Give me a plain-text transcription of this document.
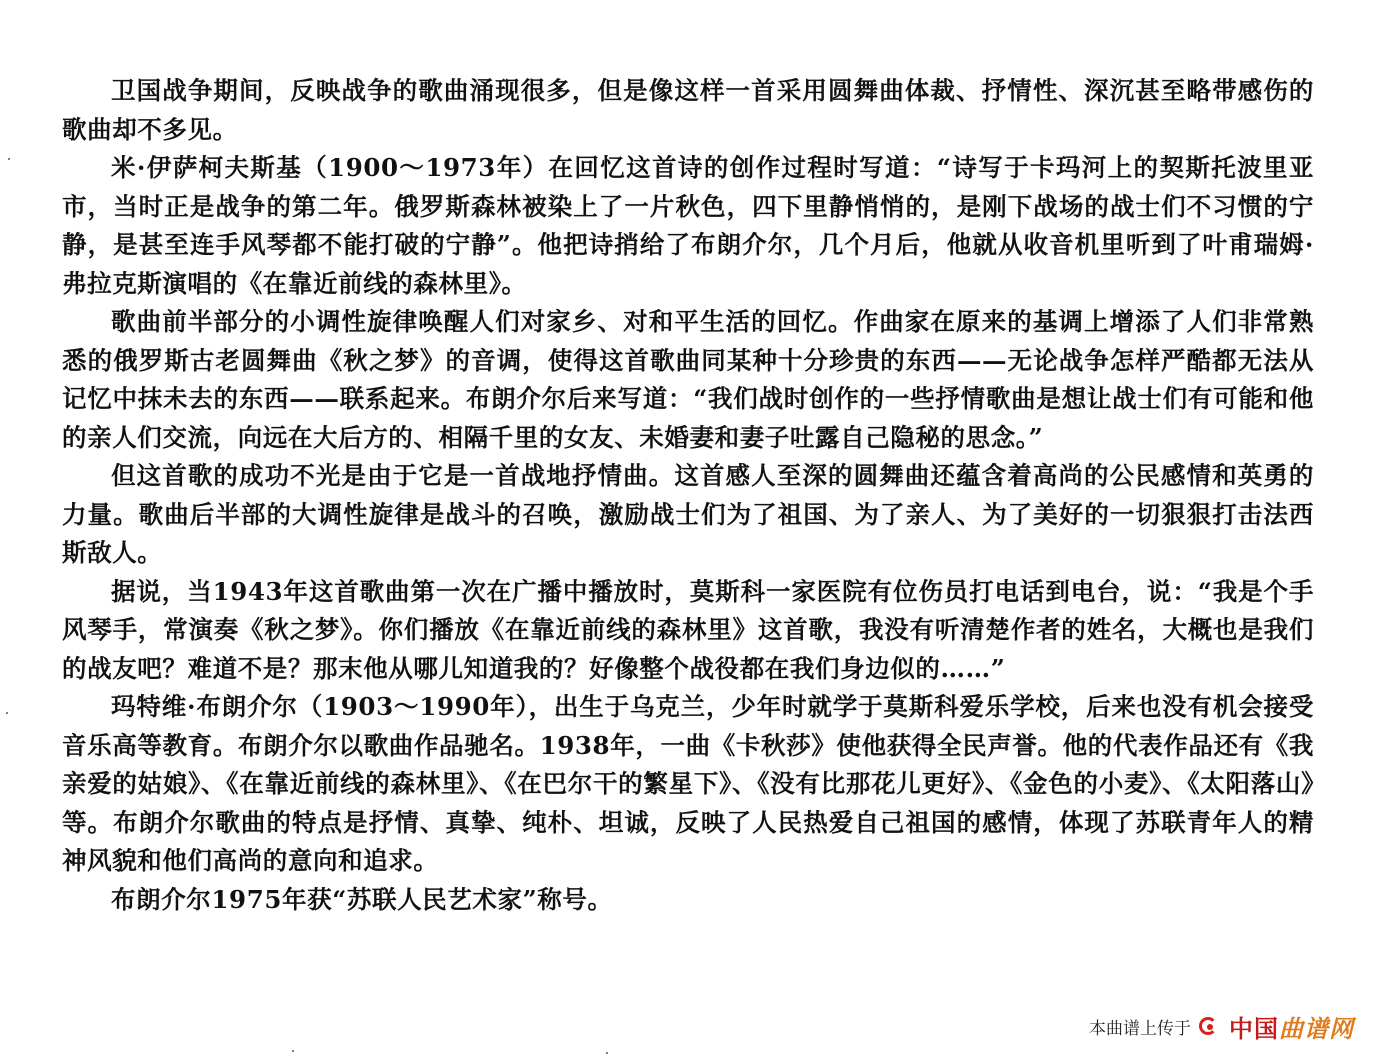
卫国战争期间，反映战争的歌曲涌现很多，但是像这样一首采用圆舞曲体裁、抒情性、深沉甚至略带感伤的歌曲却不多见。

米·伊萨柯夫斯基（1900～1973年）在回忆这首诗的创作过程时写道：“诗写于卡玛河上的契斯托波里亚市，当时正是战争的第二年。俄罗斯森林被染上了一片秋色，四下里静悄悄的，是刚下战场的战士们不习惯的宁静，是甚至连手风琴都不能打破的宁静”。他把诗捎给了布朗介尔，几个月后，他就从收音机里听到了叶甫瑞姆·弗拉克斯演唱的《在靠近前线的森林里》。

歌曲前半部分的小调性旋律唤醒人们对家乡、对和平生活的回忆。作曲家在原来的基调上增添了人们非常熟悉的俄罗斯古老圆舞曲《秋之梦》的音调，使得这首歌曲同某种十分珍贵的东西——无论战争怎样严酷都无法从记忆中抹未去的东西——联系起来。布朗介尔后来写道：“我们战时创作的一些抒情歌曲是想让战士们有可能和他的亲人们交流，向远在大后方的、相隔千里的女友、未婚妻和妻子吐露自己隐秘的思念。”

但这首歌的成功不光是由于它是一首战地抒情曲。这首感人至深的圆舞曲还蕴含着高尚的公民感情和英勇的力量。歌曲后半部的大调性旋律是战斗的召唤，激励战士们为了祖国、为了亲人、为了美好的一切狠狠打击法西斯敌人。

据说，当1943年这首歌曲第一次在广播中播放时，莫斯科一家医院有位伤员打电话到电台，说：“我是个手风琴手，常演奏《秋之梦》。你们播放《在靠近前线的森林里》这首歌，我没有听清楚作者的姓名，大概也是我们的战友吧？难道不是？那末他从哪儿知道我的？好像整个战役都在我们身边似的……”

玛特维·布朗介尔（1903～1990年），出生于乌克兰，少年时就学于莫斯科爱乐学校，后来也没有机会接受音乐高等教育。布朗介尔以歌曲作品驰名。1938年，一曲《卡秋莎》使他获得全民声誉。他的代表作品还有《我亲爱的姑娘》、《在靠近前线的森林里》、《在巴尔干的繁星下》、《没有比那花儿更好》、《金色的小麦》、《太阳落山》等。布朗介尔歌曲的特点是抒情、真挚、纯朴、坦诚，反映了人民热爱自己祖国的感情，体现了苏联青年人的精神风貌和他们高尚的意向和追求。

布朗介尔1975年获“苏联人民艺术家”称号。

本曲谱上传于 中国曲谱网
